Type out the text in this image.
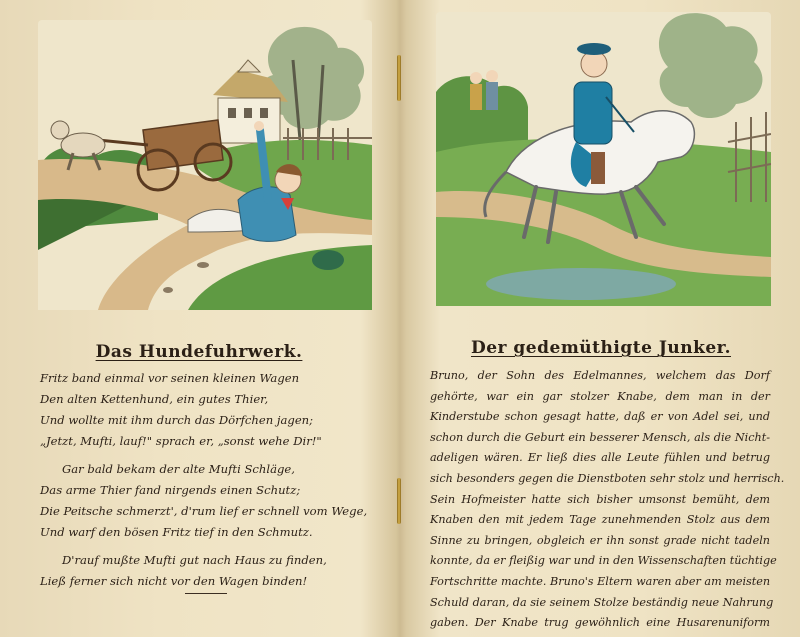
Das Hundefuhrwerk.
Fritz band einmal vor seinen kleinen Wagen
Den alten Kettenhund, ein gutes Thier,
Und wollte mit ihm durch das Dörfchen jagen;
„Jetzt, Mufti, lauf!" sprach er, „sonst wehe Dir!"
Gar bald bekam der alte Mufti Schläge,
Das arme Thier fand nirgends einen Schutz;
Die Peitsche schmerzt', d'rum lief er schnell vom Wege,
Und warf den bösen Fritz tief in den Schmutz.
D'rauf mußte Mufti gut nach Haus zu finden,
Ließ ferner sich nicht vor den Wagen binden!
Der gedemüthigte Junker.
Bruno, der Sohn des Edelmannes, welchem das Dorf
gehörte, war ein gar stolzer Knabe, dem man in der
Kinderstube schon gesagt hatte, daß er von Adel sei, und
schon durch die Geburt ein besserer Mensch, als die Nicht-
adeligen wären. Er ließ dies alle Leute fühlen und betrug
sich besonders gegen die Dienstboten sehr stolz und herrisch.
Sein Hofmeister hatte sich bisher umsonst bemüht, dem
Knaben den mit jedem Tage zunehmenden Stolz aus dem
Sinne zu bringen, obgleich er ihn sonst grade nicht tadeln
konnte, da er fleißig war und in den Wissenschaften tüchtige
Fortschritte machte. Bruno's Eltern waren aber am meisten
Schuld daran, da sie seinem Stolze beständig neue Nahrung
gaben. Der Knabe trug gewöhnlich eine Husarenuniform
